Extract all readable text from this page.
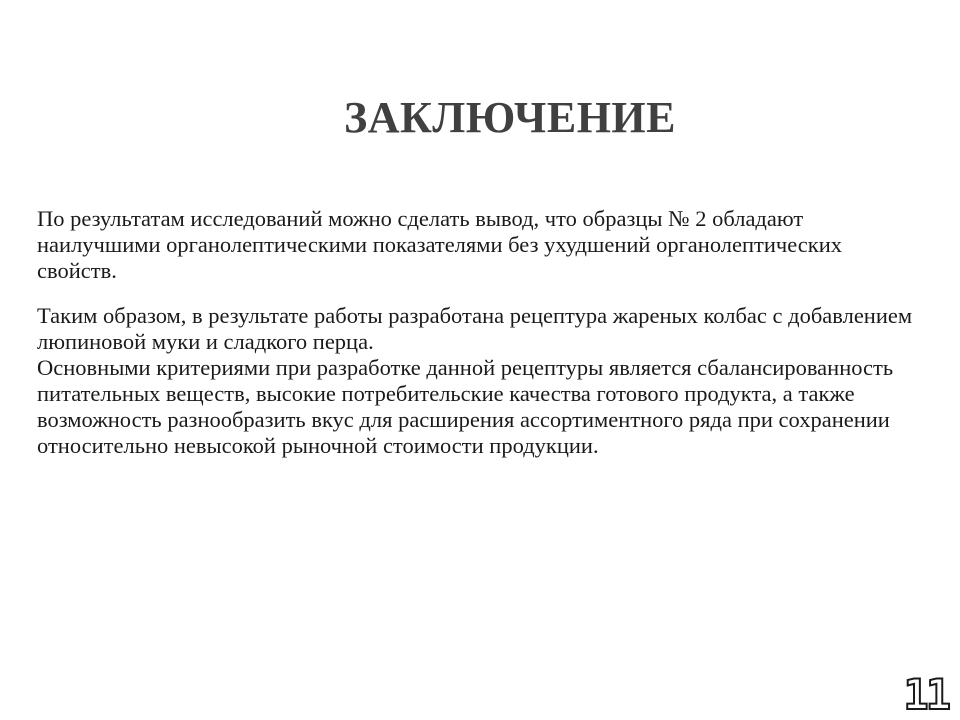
ЗАКЛЮЧЕНИЕ

По результатам исследований можно сделать вывод, что образцы № 2 обладают наилучшими органолептическими показателями без ухудшений органолептических свойств.

Таким образом, в результате работы разработана рецептура жареных колбас с добавлением люпиновой муки и сладкого перца.

Основными критериями при разработке данной рецептуры является сбалансированность питательных веществ, высокие потребительские качества готового продукта, а также возможность разнообразить вкус для расширения ассортиментного ряда при сохранении относительно невысокой рыночной стоимости продукции.

11
